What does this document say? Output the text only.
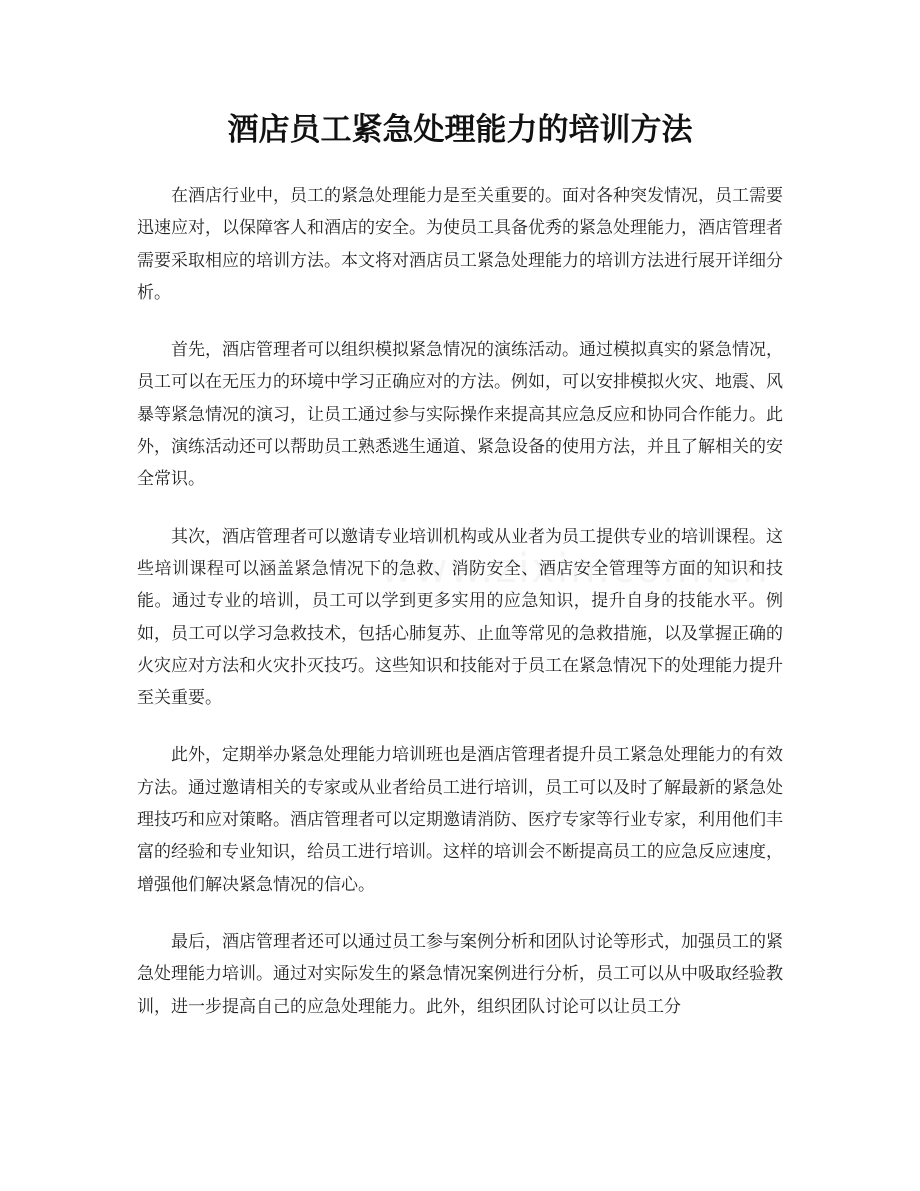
酒店员工紧急处理能力的培训方法

在酒店行业中，员工的紧急处理能力是至关重要的。面对各种突发情况，员工需要迅速应对，以保障客人和酒店的安全。为使员工具备优秀的紧急处理能力，酒店管理者需要采取相应的培训方法。本文将对酒店员工紧急处理能力的培训方法进行展开详细分析。

首先，酒店管理者可以组织模拟紧急情况的演练活动。通过模拟真实的紧急情况，员工可以在无压力的环境中学习正确应对的方法。例如，可以安排模拟火灾、地震、风暴等紧急情况的演习，让员工通过参与实际操作来提高其应急反应和协同合作能力。此外，演练活动还可以帮助员工熟悉逃生通道、紧急设备的使用方法，并且了解相关的安全常识。

其次，酒店管理者可以邀请专业培训机构或从业者为员工提供专业的培训课程。这些培训课程可以涵盖紧急情况下的急救、消防安全、酒店安全管理等方面的知识和技能。通过专业的培训，员工可以学到更多实用的应急知识，提升自身的技能水平。例如，员工可以学习急救技术，包括心肺复苏、止血等常见的急救措施，以及掌握正确的火灾应对方法和火灾扑灭技巧。这些知识和技能对于员工在紧急情况下的处理能力提升至关重要。

此外，定期举办紧急处理能力培训班也是酒店管理者提升员工紧急处理能力的有效方法。通过邀请相关的专家或从业者给员工进行培训，员工可以及时了解最新的紧急处理技巧和应对策略。酒店管理者可以定期邀请消防、医疗专家等行业专家，利用他们丰富的经验和专业知识，给员工进行培训。这样的培训会不断提高员工的应急反应速度，增强他们解决紧急情况的信心。

最后，酒店管理者还可以通过员工参与案例分析和团队讨论等形式，加强员工的紧急处理能力培训。通过对实际发生的紧急情况案例进行分析，员工可以从中吸取经验教训，进一步提高自己的应急处理能力。此外，组织团队讨论可以让员工分
